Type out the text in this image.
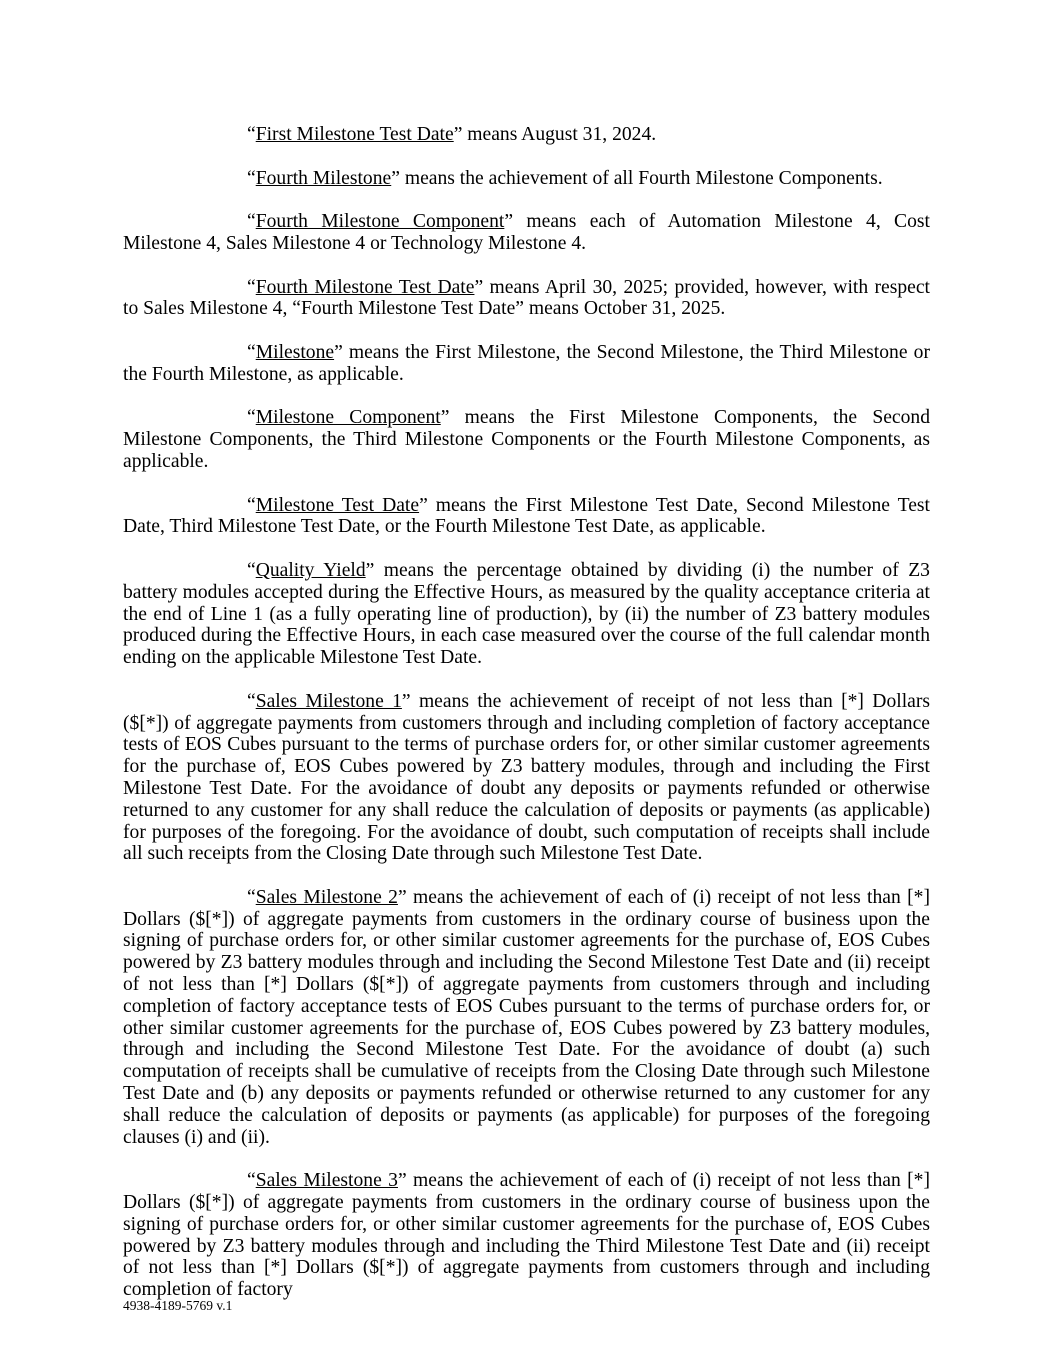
“First Milestone Test Date” means August 31, 2024.

“Fourth Milestone” means the achievement of all Fourth Milestone Components.

“Fourth Milestone Component” means each of Automation Milestone 4, Cost Milestone 4, Sales Milestone 4 or Technology Milestone 4.

“Fourth Milestone Test Date” means April 30, 2025; provided, however, with respect to Sales Milestone 4, “Fourth Milestone Test Date” means October 31, 2025.

“Milestone” means the First Milestone, the Second Milestone, the Third Milestone or the Fourth Milestone, as applicable.

“Milestone Component” means the First Milestone Components, the Second Milestone Components, the Third Milestone Components or the Fourth Milestone Components, as applicable.

“Milestone Test Date” means the First Milestone Test Date, Second Milestone Test Date, Third Milestone Test Date, or the Fourth Milestone Test Date, as applicable.

“Quality Yield” means the percentage obtained by dividing (i) the number of Z3 battery modules accepted during the Effective Hours, as measured by the quality acceptance criteria at the end of Line 1 (as a fully operating line of production), by (ii) the number of Z3 battery modules produced during the Effective Hours, in each case measured over the course of the full calendar month ending on the applicable Milestone Test Date.

“Sales Milestone 1” means the achievement of receipt of not less than [*] Dollars ($[*]) of aggregate payments from customers through and including completion of factory acceptance tests of EOS Cubes pursuant to the terms of purchase orders for, or other similar customer agreements for the purchase of, EOS Cubes powered by Z3 battery modules, through and including the First Milestone Test Date. For the avoidance of doubt any deposits or payments refunded or otherwise returned to any customer for any shall reduce the calculation of deposits or payments (as applicable) for purposes of the foregoing. For the avoidance of doubt, such computation of receipts shall include all such receipts from the Closing Date through such Milestone Test Date.

“Sales Milestone 2” means the achievement of each of (i) receipt of not less than [*] Dollars ($[*]) of aggregate payments from customers in the ordinary course of business upon the signing of purchase orders for, or other similar customer agreements for the purchase of, EOS Cubes powered by Z3 battery modules through and including the Second Milestone Test Date and (ii) receipt of not less than [*] Dollars ($[*]) of aggregate payments from customers through and including completion of factory acceptance tests of EOS Cubes pursuant to the terms of purchase orders for, or other similar customer agreements for the purchase of, EOS Cubes powered by Z3 battery modules, through and including the Second Milestone Test Date. For the avoidance of doubt (a) such computation of receipts shall be cumulative of receipts from the Closing Date through such Milestone Test Date and (b) any deposits or payments refunded or otherwise returned to any customer for any shall reduce the calculation of deposits or payments (as applicable) for purposes of the foregoing clauses (i) and (ii).

“Sales Milestone 3” means the achievement of each of (i) receipt of not less than [*] Dollars ($[*]) of aggregate payments from customers in the ordinary course of business upon the signing of purchase orders for, or other similar customer agreements for the purchase of, EOS Cubes powered by Z3 battery modules through and including the Third Milestone Test Date and (ii) receipt of not less than [*] Dollars ($[*]) of aggregate payments from customers through and including completion of factory

4938-4189-5769 v.1
